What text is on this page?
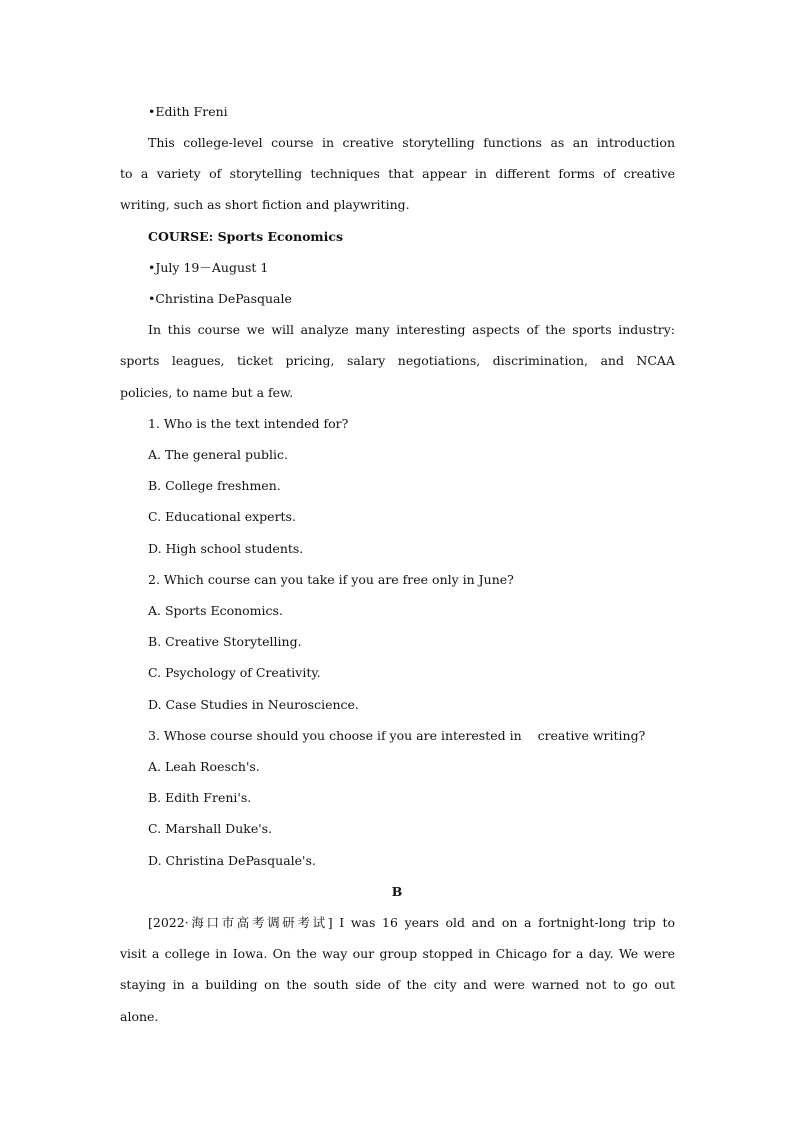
•Edith Freni
This college-level course in creative storytelling functions as an introduction
to a variety of storytelling techniques that appear in different forms of creative
writing, such as short fiction and playwriting.
COURSE: Sports Economics
•July 19－August 1
•Christina DePasquale
In this course we will analyze many interesting aspects of the sports industry:
sports leagues, ticket pricing, salary negotiations, discrimination, and NCAA
policies, to name but a few.
1. Who is the text intended for?
A. The general public.
B. College freshmen.
C. Educational experts.
D. High school students.
2. Which course can you take if you are free only in June?
A. Sports Economics.
B. Creative Storytelling.
C. Psychology of Creativity.
D. Case Studies in Neuroscience.
3. Whose course should you choose if you are interested in    creative writing?
A. Leah Roesch's.
B. Edith Freni's.
C. Marshall Duke's.
D. Christina DePasquale's.
B
[2022·海口市高考调研考试] I was 16 years old and on a fortnight-long trip to
visit a college in Iowa. On the way our group stopped in Chicago for a day. We were
staying in a building on the south side of the city and were warned not to go out
alone.
